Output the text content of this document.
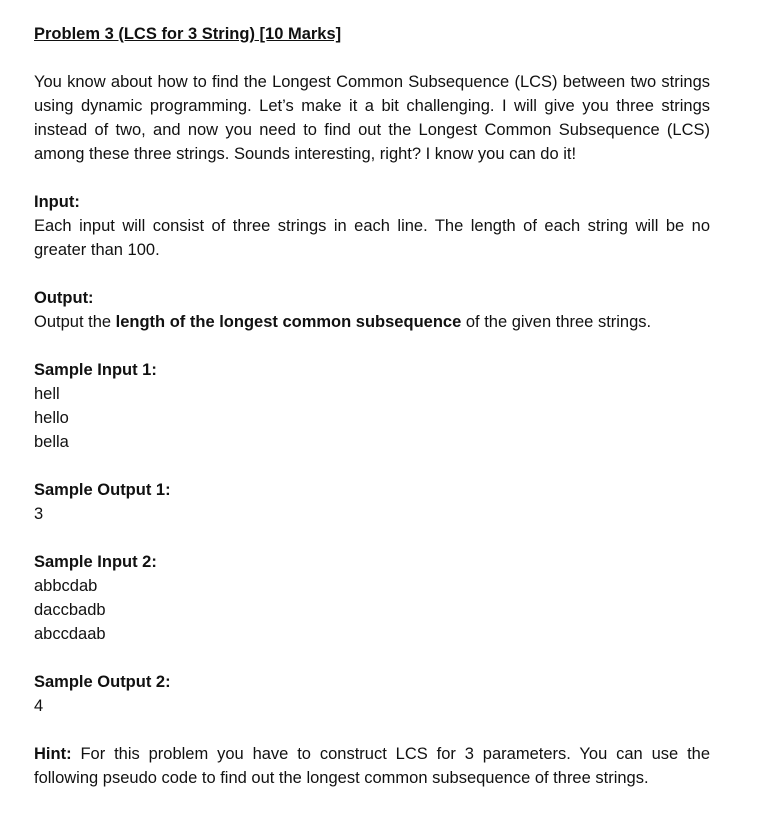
Problem 3 (LCS for 3 String) [10 Marks]

You know about how to find the Longest Common Subsequence (LCS) between two strings using dynamic programming. Let’s make it a bit challenging. I will give you three strings instead of two, and now you need to find out the Longest Common Subsequence (LCS) among these three strings. Sounds interesting, right? I know you can do it!

Input:

Each input will consist of three strings in each line. The length of each string will be no greater than 100.

Output:

Output the length of the longest common subsequence of the given three strings.

Sample Input 1:

hell

hello

bella

Sample Output 1:

3

Sample Input 2:

abbcdab

daccbadb

abccdaab

Sample Output 2:

4

Hint: For this problem you have to construct LCS for 3 parameters. You can use the following pseudo code to find out the longest common subsequence of three strings.
